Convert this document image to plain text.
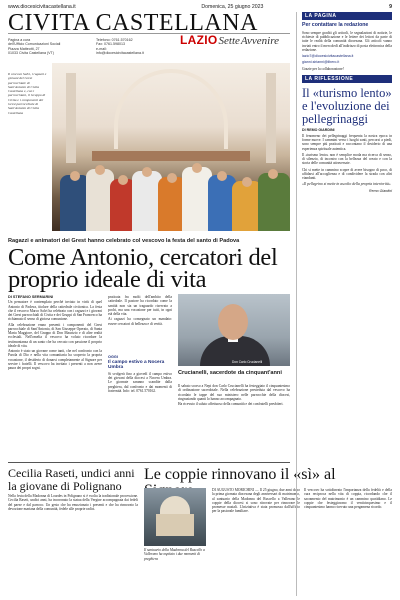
www.diocesicivitacastellana.it	Domenica, 25 giugno 2023	9
CIVITA CASTELLANA
Pagina a cura
dell'Ufficio Comunicazioni Sociali
Piazza Matteotti, 27
01033 Civita Castellana (VT)
Telefono: 0761.570162
Fax: 0761.598013
e-mail:
info@diocesicivitacastellana.it
LAZIO Sette Avvenire
Il vescovo Salvi, i ragazzi e giovani del Grest parrocchiale di Sant'Antonio di Civita Castellana e, con i parrocchiani, il Gruppo di Civita e i componenti del Grest parrocchiale di Sant'Antonio di Civita Castellana
Ragazzi e animatori dei Grest hanno celebrato col vescovo la festa del santo di Padova
Come Antonio, cercatori del proprio ideale di vita
DI STEFANO SERMARINI

Un pensatore è contemplato perché inviato in virtù di quel Antonio di Padova, titolare della cattedrale civitonica. La festa che il vescovo Marco Salvi ha celebrato con i ragazzi e i giovani dei Grest parrocchiali di Civita e dei Gruppi di San Francesco ha richiamato il senso di gioiosa comunione.

Alla celebrazione erano presenti i componenti del Grest parrocchiale di Sant'Antonio, di San Giuseppe Operaio, di Santa Maria Maggiore, del Gruppo di Don Maurizio e di altre realtà ecclesiali. Nell'omelia il vescovo ha voluto ricordare la testimonianza di un santo che ha cercato con passione il proprio ideale di vita.

Antonio è stato un giovane come tanti, che nel confronto con la Parola di Dio e nella vita comunitaria ha scoperto la propria vocazione, il desiderio di donarsi completamente al Signore per servire i fratelli. Il vescovo ha invitato i presenti a non avere paura dei propri sogni.

praticata fra molti dell'ambito della cattedrale. Il pastore ha ricordato come la santità non sia un traguardo riservato a pochi, ma una vocazione per tutti, in ogni età della vita.

Ai ragazzi ha consegnato un mandato: essere cercatori di bellezza e di verità.

OGGI
Il campo estivo a Nocera Umbra

Si svolgerà fino a giovedì il campo estivo dei giovani della diocesi a Nocera Umbra. Le giornate saranno scandite dalla preghiera, dal confronto e dai momenti di fraternità. Info: tel. 0761.570162.

Don Carlo Crucianelli
Crucianelli, sacerdote da cinquant'anni

Il sabato scorso a Nepi don Carlo Crucianelli ha festeggiato il cinquantesimo di ordinazione sacerdotale. Nella celebrazione presieduta dal vescovo ha ricordato le tappe del suo ministero nelle parrocchie della diocesi, ringraziando quanti lo hanno accompagnato.

Ha ricevuto il saluto affettuoso della comunità e dei confratelli presbiteri.

Cecilia Raseti, undici anni la giovane di Polignano

Nella festa della Madonna di Lourdes in Polignano si è svolta la tradizionale processione. Cecilia Raseti, undici anni, ha incoronato la statua della Vergine accompagnata dai fedeli del paese e dal parroco. Un gesto che ha emozionato i presenti e che ha rinnovato la devozione mariana della comunità, fedele alle proprie radici.

Le coppie rinnovano il «sì» al
Il santuario della Madonna del Ruscello a Vallerano ha ospitato i due momenti di preghiera

DI AUGUSTO MORICHINI — Il 25 giugno, due anni dopo la prima giornata diocesana degli anniversari di matrimonio, al santuario della Madonna del Ruscello a Vallerano le coppie della diocesi si sono ritrovate per rinnovare le promesse nuziali. L'iniziativa è stata promossa dall'ufficio per la pastorale familiare.

Il vescovo ha sottolineato l'importanza della fedeltà e della cura reciproca nella vita di coppia, ricordando che il sacramento del matrimonio è un cammino quotidiano. Le coppie che festeggiavano il venticinquesimo e il cinquantesimo hanno ricevuto una pergamena ricordo.

LA PAGINA
Per contattare la redazione

Sono sempre graditi gli articoli, le segnalazioni di notizie, le richieste di pubblicazione e le lettere dei lettori da parte di tutte le realtà della comunità diocesana. Gli articoli vanno inviati entro il mercoledì all'indirizzo di posta elettronica della redazione.

lazio7@diocesicivitacastellana.it
gianni.sirianni@libero.it

Grazie per la collaborazione!

LA RIFLESSIONE
Il «turismo lento» e l'evoluzione dei pellegrinaggi
DI REMO GIARDINI

Il fenomeno dei pellegrinaggi frequenta la nostra epoca in forme nuove. I cammini verso i luoghi santi, percorsi a piedi, sono sempre più praticati e raccontano il desiderio di una esperienza spirituale autentica.

Il «turismo lento» non è semplice moda ma ricerca di senso, di silenzio, di incontro con la bellezza del creato e con la storia delle comunità attraversate.

Chi si mette in cammino scopre di avere bisogno di poco, di affidarsi all'accoglienza e di condividere la strada con altri viandanti.

«Il pellegrino si mette in ascolto della propria interiorità»
Remo Giardini
